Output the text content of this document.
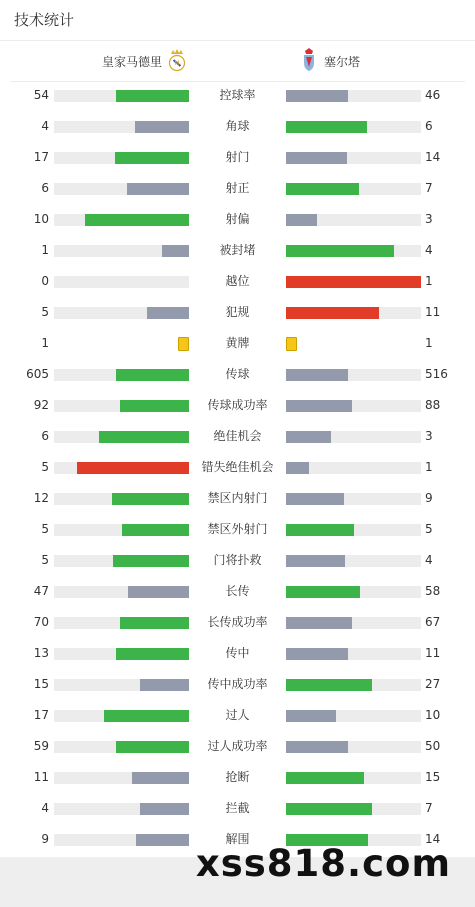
技术统计
皇家马德里 M	塞尔塔
54	控球率	46
4	角球	6
17	射门	14
6	射正	7
10	射偏	3
1	被封堵	4
0	越位	1
5	犯规	11
1	黄牌	1
605	传球	516
92	传球成功率	88
6	绝佳机会	3
5	错失绝佳机会	1
12	禁区内射门	9
5	禁区外射门	5
5	门将扑救	4
47	长传	58
70	长传成功率	67
13	传中	11
15	传中成功率	27
17	过人	10
59	过人成功率	50
11	抢断	15
4	拦截	7
9	解围	14
xss818.com
